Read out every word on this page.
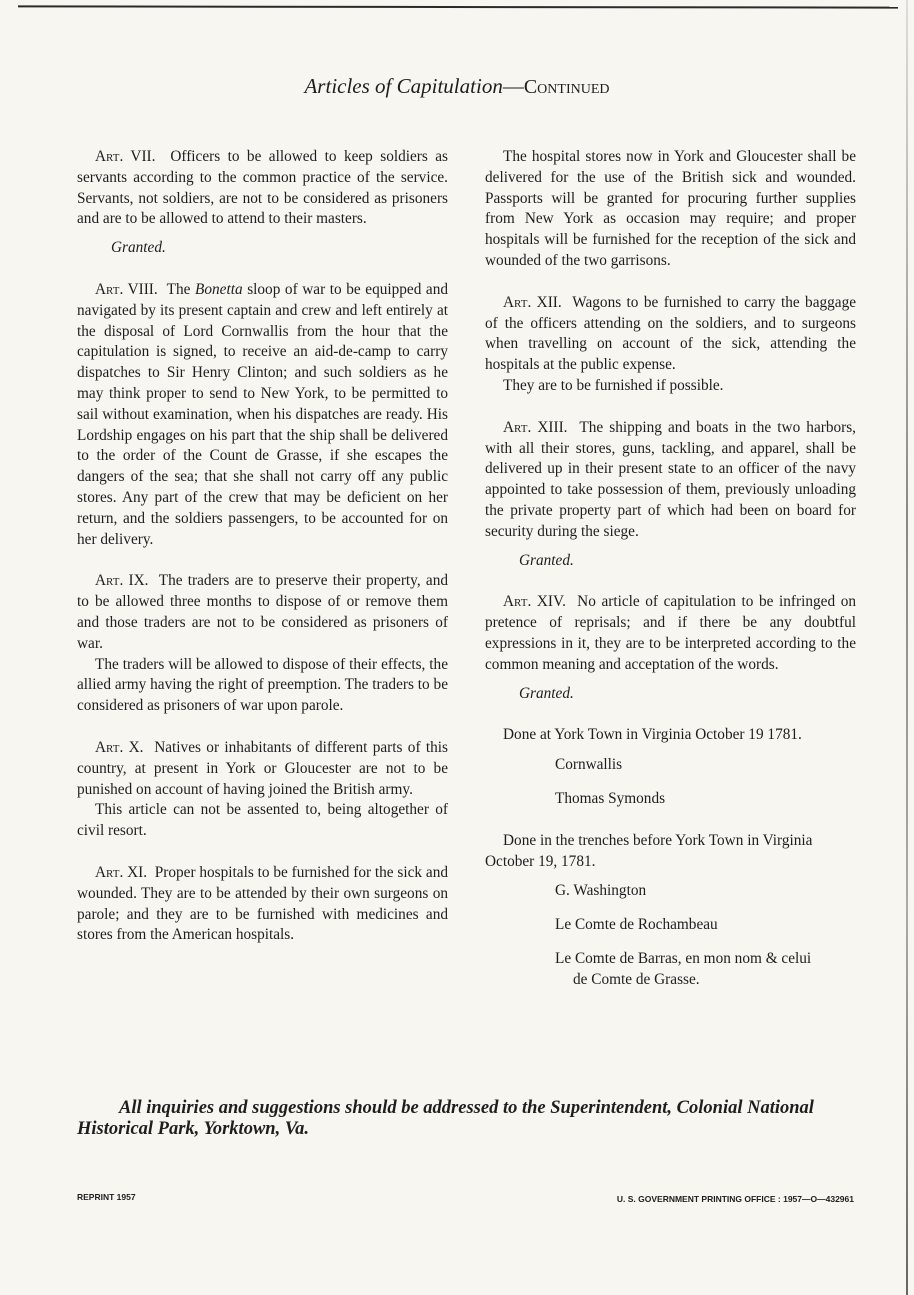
Articles of Capitulation—Continued

Art. VII. Officers to be allowed to keep soldiers as servants according to the common practice of the service. Servants, not soldiers, are not to be considered as prisoners and are to be allowed to attend to their masters.

Granted.

Art. VIII. The Bonetta sloop of war to be equipped and navigated by its present captain and crew and left entirely at the disposal of Lord Cornwallis from the hour that the capitulation is signed, to receive an aid-de-camp to carry dispatches to Sir Henry Clinton; and such soldiers as he may think proper to send to New York, to be permitted to sail without examination, when his dispatches are ready. His Lordship engages on his part that the ship shall be delivered to the order of the Count de Grasse, if she escapes the dangers of the sea; that she shall not carry off any public stores. Any part of the crew that may be deficient on her return, and the soldiers passengers, to be accounted for on her delivery.

Art. IX. The traders are to preserve their property, and to be allowed three months to dispose of or remove them and those traders are not to be considered as prisoners of war.

The traders will be allowed to dispose of their effects, the allied army having the right of preemption. The traders to be considered as prisoners of war upon parole.

Art. X. Natives or inhabitants of different parts of this country, at present in York or Gloucester are not to be punished on account of having joined the British army.

This article can not be assented to, being altogether of civil resort.

Art. XI. Proper hospitals to be furnished for the sick and wounded. They are to be attended by their own surgeons on parole; and they are to be furnished with medicines and stores from the American hospitals.

The hospital stores now in York and Gloucester shall be delivered for the use of the British sick and wounded. Passports will be granted for procuring further supplies from New York as occasion may require; and proper hospitals will be furnished for the reception of the sick and wounded of the two garrisons.

Art. XII. Wagons to be furnished to carry the baggage of the officers attending on the soldiers, and to surgeons when travelling on account of the sick, attending the hospitals at the public expense.

They are to be furnished if possible.

Art. XIII. The shipping and boats in the two harbors, with all their stores, guns, tackling, and apparel, shall be delivered up in their present state to an officer of the navy appointed to take possession of them, previously unloading the private property part of which had been on board for security during the siege.

Granted.

Art. XIV. No article of capitulation to be infringed on pretence of reprisals; and if there be any doubtful expressions in it, they are to be interpreted according to the common meaning and acceptation of the words.

Granted.

Done at York Town in Virginia October 19 1781.

Cornwallis

Thomas Symonds

Done in the trenches before York Town in Virginia October 19, 1781.

G. Washington

Le Comte de Rochambeau

Le Comte de Barras, en mon nom & celui
de Comte de Grasse.

All inquiries and suggestions should be addressed to the Superintendent, Colonial National Historical Park, Yorktown, Va.

REPRINT 1957	U. S. GOVERNMENT PRINTING OFFICE : 1957—O—432961
